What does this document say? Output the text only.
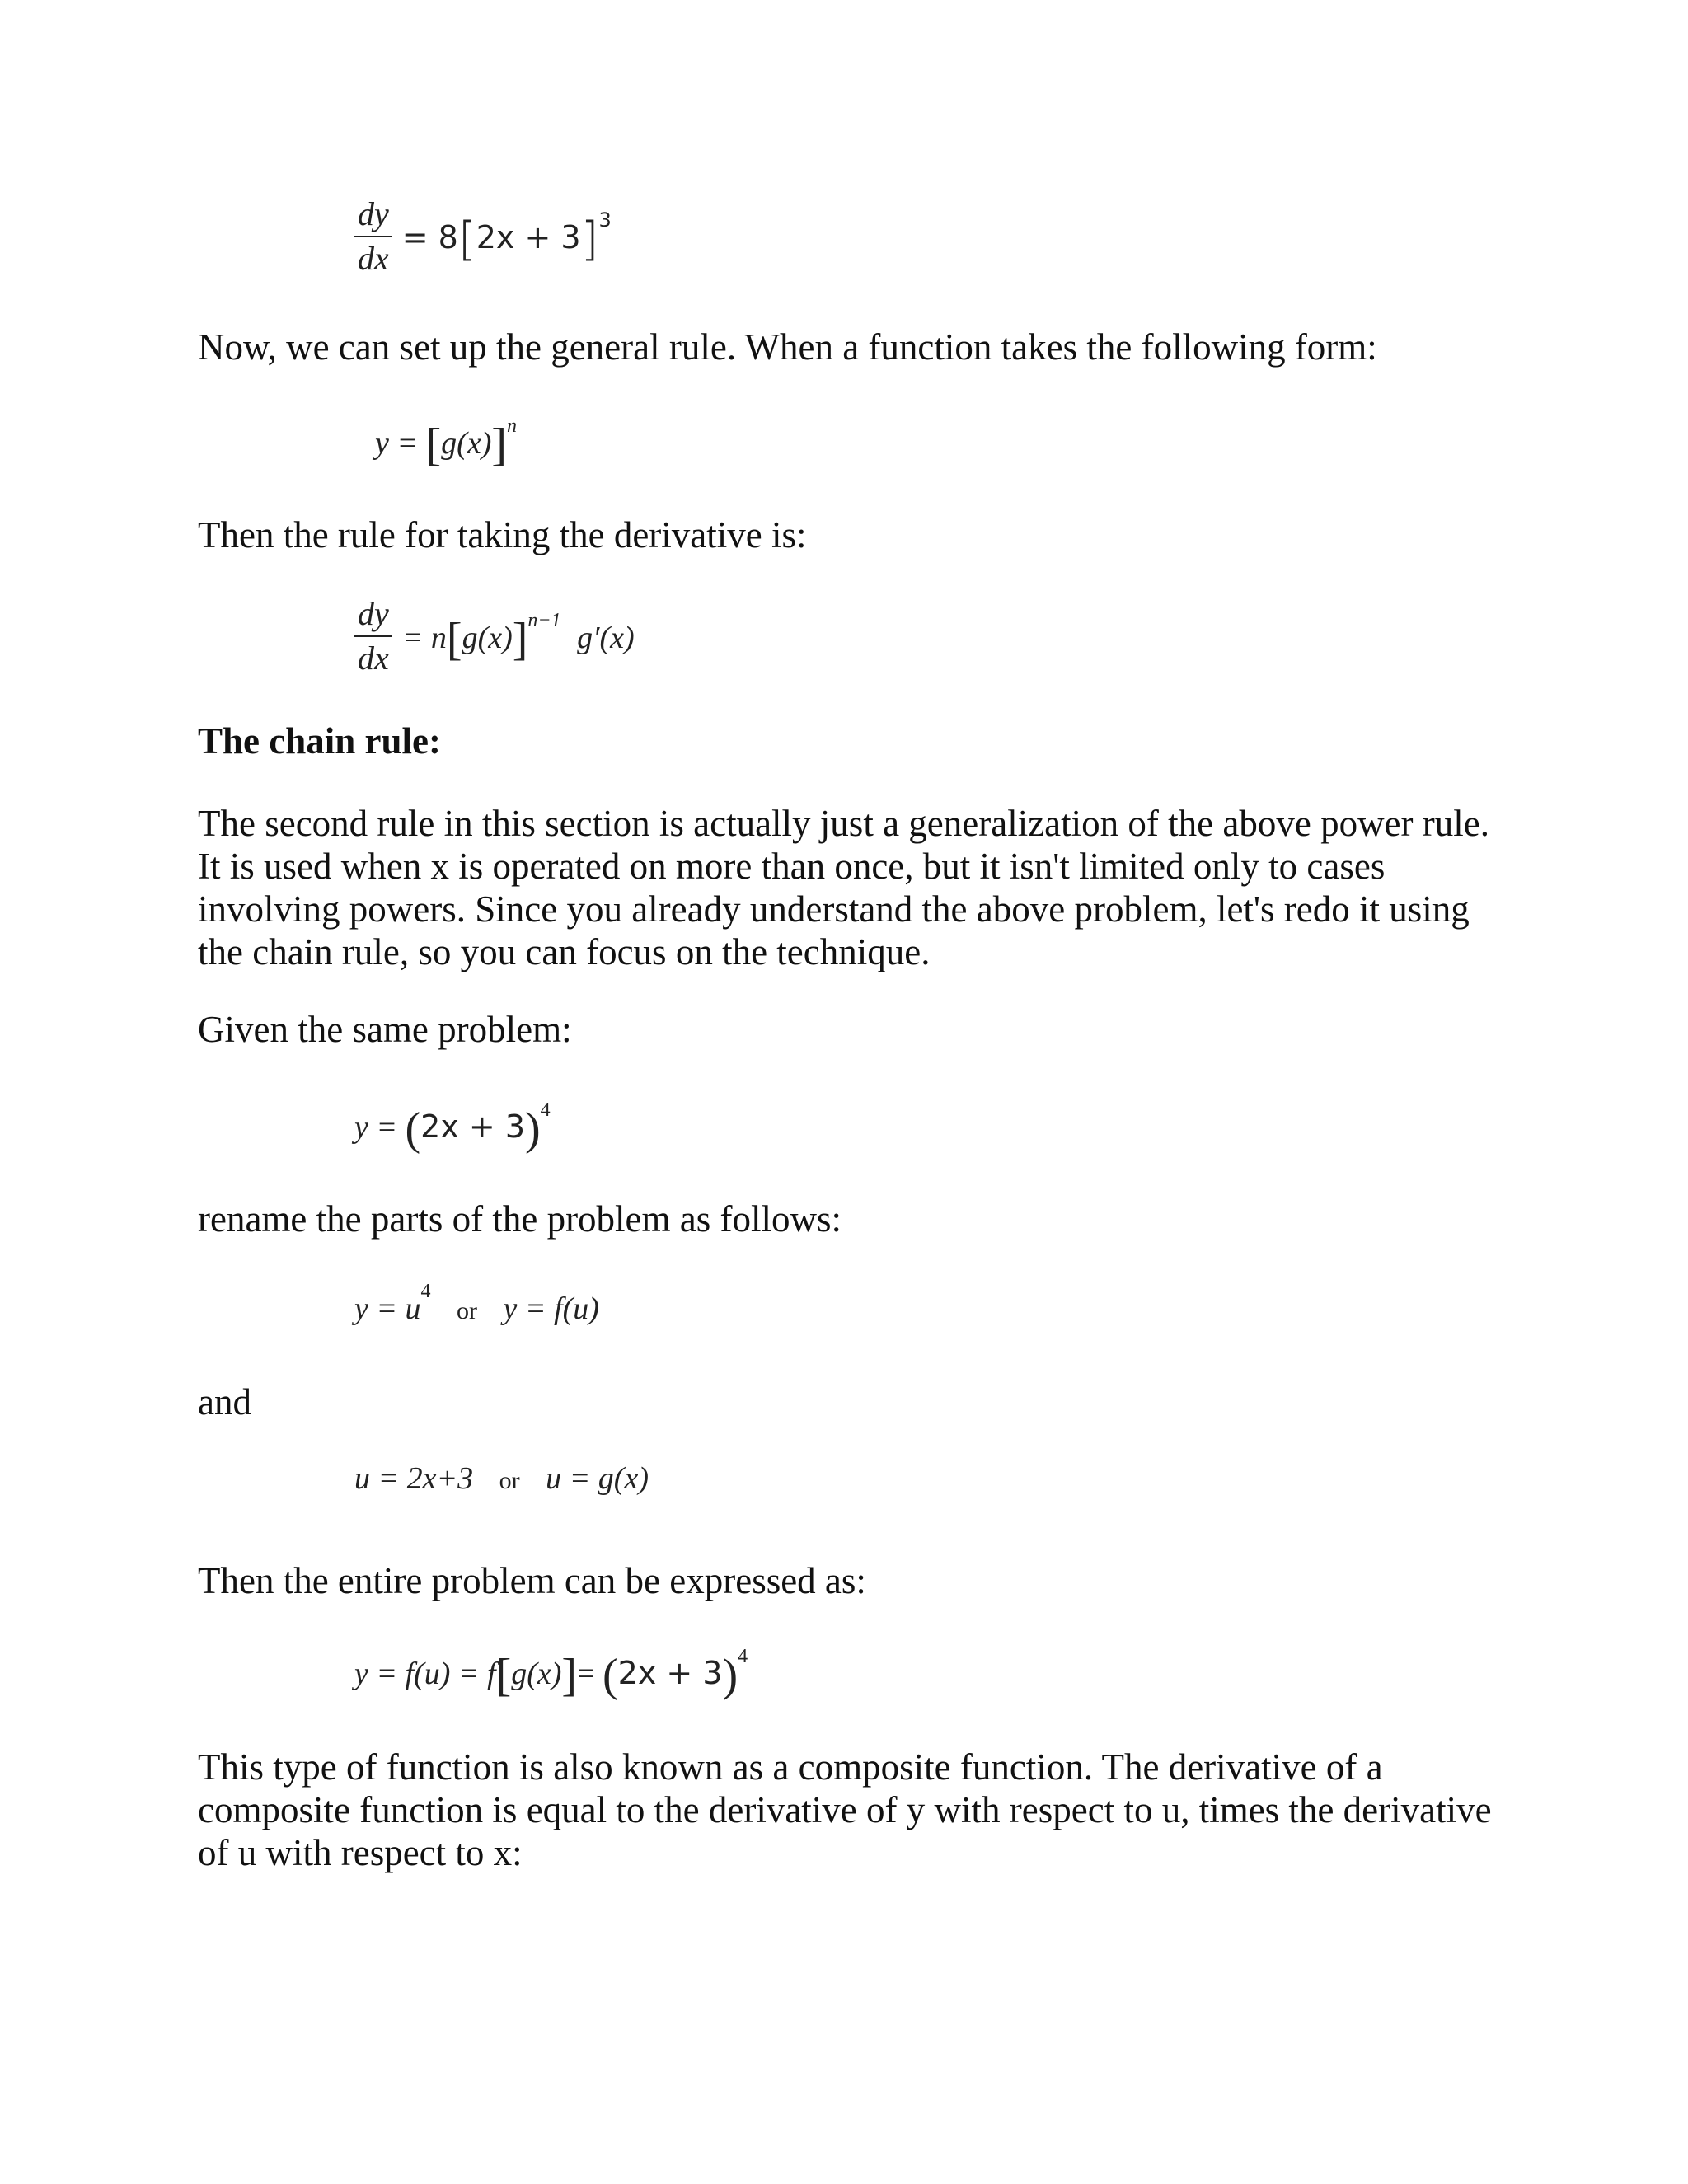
$\frac{dy}{dx} = 8[2x + 3]^3$

Now, we can set up the general rule. When a function takes the following form:

$y = [g(x)]^n$

Then the rule for taking the derivative is:

$\frac{dy}{dx} = n[g(x)]^{n-1}$ g′(x)

The chain rule:

The second rule in this section is actually just a generalization of the above power rule. It is used when x is operated on more than once, but it isn't limited only to cases involving powers. Since you already understand the above problem, let's redo it using the chain rule, so you can focus on the technique.

Given the same problem:

$y = (2x + 3)^4$

rename the parts of the problem as follows:

$y = u^4$ or y = f(u)

and

u = 2x+3 or u = g(x)

Then the entire problem can be expressed as:

$y = f(u) = f[g(x)]= (2x + 3)^4$

This type of function is also known as a composite function. The derivative of a composite function is equal to the derivative of y with respect to u, times the derivative of u with respect to x:
